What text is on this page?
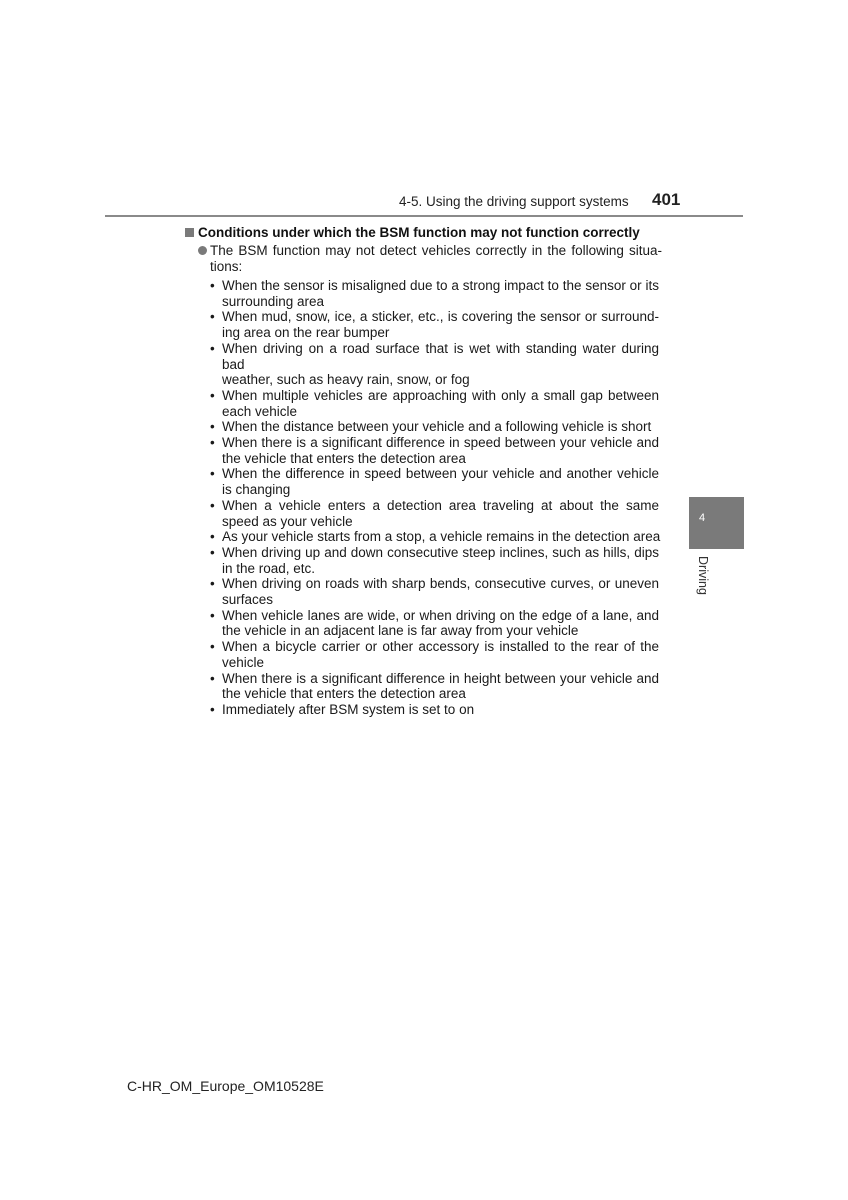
4-5. Using the driving support systems 401
4
Driving
Conditions under which the BSM function may not function correctly
The BSM function may not detect vehicles correctly in the following situa-
tions:
• When the sensor is misaligned due to a strong impact to the sensor or its
surrounding area
• When mud, snow, ice, a sticker, etc., is covering the sensor or surround-
ing area on the rear bumper
• When driving on a road surface that is wet with standing water during bad
weather, such as heavy rain, snow, or fog
• When multiple vehicles are approaching with only a small gap between
each vehicle
• When the distance between your vehicle and a following vehicle is short
• When there is a significant difference in speed between your vehicle and
the vehicle that enters the detection area
• When the difference in speed between your vehicle and another vehicle
is changing
• When a vehicle enters a detection area traveling at about the same
speed as your vehicle
• As your vehicle starts from a stop, a vehicle remains in the detection area
• When driving up and down consecutive steep inclines, such as hills, dips
in the road, etc.
• When driving on roads with sharp bends, consecutive curves, or uneven
surfaces
• When vehicle lanes are wide, or when driving on the edge of a lane, and
the vehicle in an adjacent lane is far away from your vehicle
• When a bicycle carrier or other accessory is installed to the rear of the
vehicle
• When there is a significant difference in height between your vehicle and
the vehicle that enters the detection area
• Immediately after BSM system is set to on
C-HR_OM_Europe_OM10528E
